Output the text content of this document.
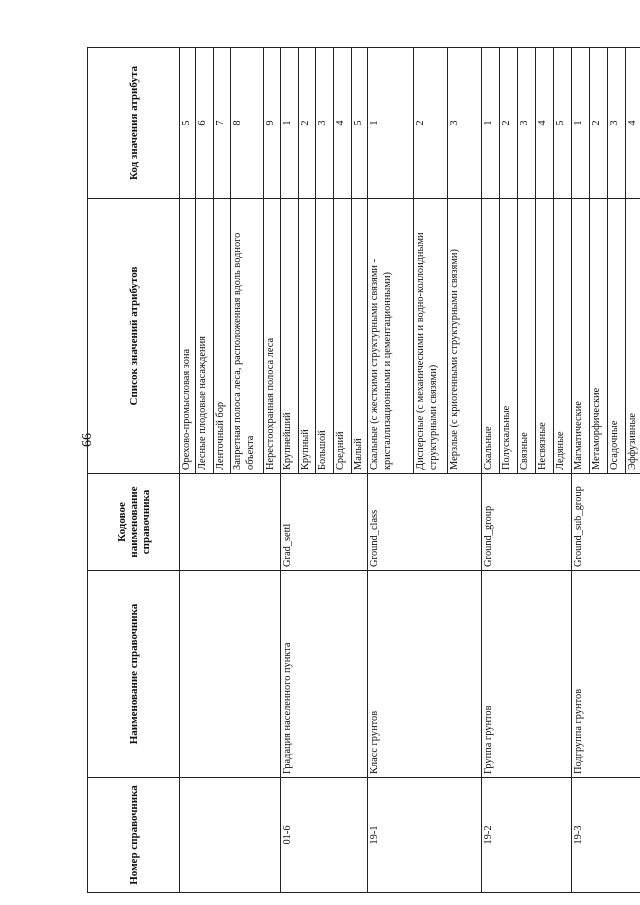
66
Номер справочника	Наименование справочника	Кодовое наименование справочника	Список значений атрибутов	Код значения атрибута
			Орехово-промысловая зона	5
			Лесные плодовые насаждения	6
			Ленточный бор	7
			Запретная полоса леса, расположенная вдоль водного объекта	8
			Нерестоохранная полоса леса	9
01-6	Градация населенного пункта	Grad_settl	Крупнейший	1
			Крупный	2
			Большой	3
			Средний	4
			Малый	5
19-1	Класс грунтов	Ground_class	Скальные (с жесткими структурными связями - кристаллизационными и цементационными)	1
			Дисперсные (с механическими и водно-коллоидными структурными связями)	2
			Мерзлые (с криогенными структурными связями)	3
19-2	Группа грунтов	Ground_group	Скальные	1
			Полускальные	2
			Связные	3
			Несвязные	4
			Ледяные	5
19-3	Подгруппа грунтов	Ground_sub_group	Магматические	1
			Метаморфические	2
			Осадочные	3
			Эффузивные	4
